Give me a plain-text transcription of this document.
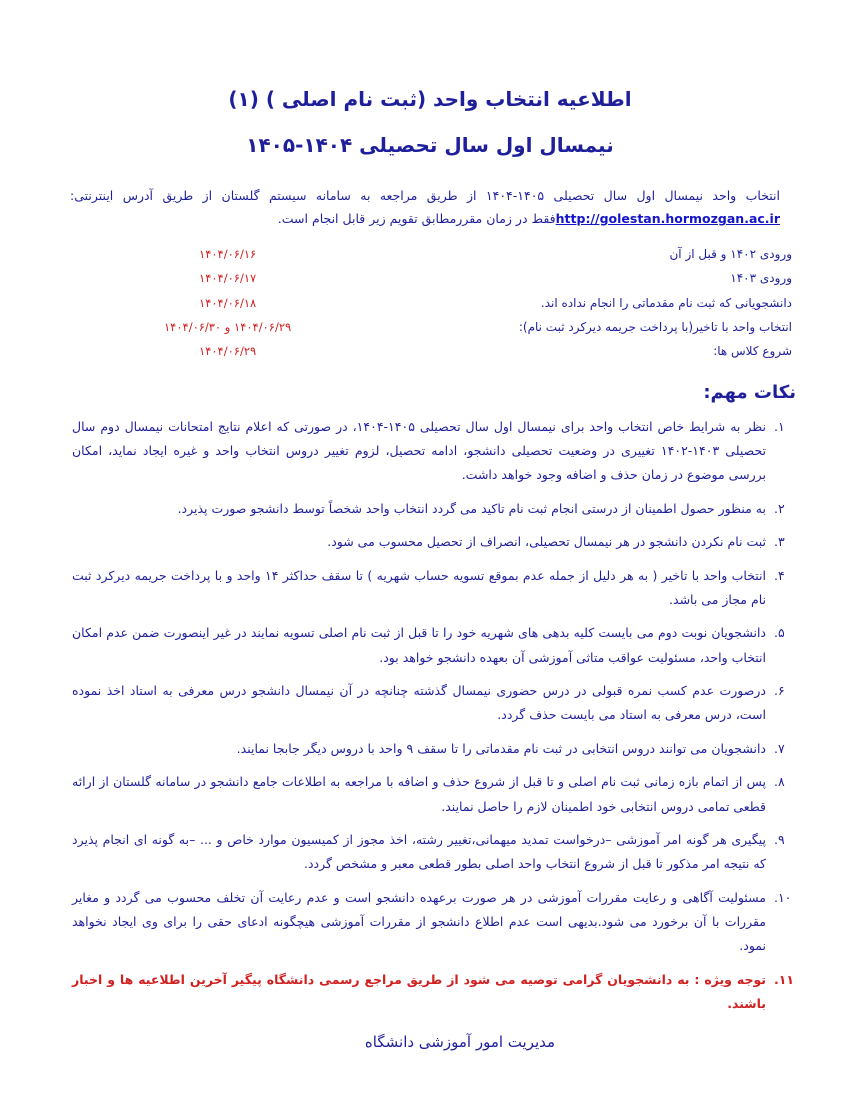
اطلاعیه انتخاب واحد (ثبت نام اصلی ) (۱)
نیمسال اول سال تحصیلی ۱۴۰۴-۱۴۰۵

انتخاب واحد نیمسال اول سال تحصیلی ۱۴۰۵-۱۴۰۴ از طریق مراجعه به سامانه سیستم گلستان از طریق آدرس اینترنتی: http://golestan.hormozgan.ac.irفقط در زمان مقررمطابق تقویم زیر قابل انجام است.

ورودی ۱۴۰۲ و قبل از آن	۱۴۰۴/۰۶/۱۶
ورودی ۱۴۰۳	۱۴۰۴/۰۶/۱۷
دانشجویانی که ثبت نام مقدماتی را انجام نداده اند.	۱۴۰۴/۰۶/۱۸
انتخاب واحد با تاخیر(با پرداخت جریمه دیرکرد ثبت نام):	۱۴۰۴/۰۶/۲۹ و ۱۴۰۴/۰۶/۳۰
شروع کلاس ها:	۱۴۰۴/۰۶/۲۹
نکات مهم:
۱.
نظر به شرایط خاص انتخاب واحد برای نیمسال اول سال تحصیلی ۱۴۰۵-۱۴۰۴، در صورتی که اعلام نتایج امتحانات نیمسال دوم سال تحصیلی ۱۴۰۳-۱۴۰۲ تغییری در وضعیت تحصیلی دانشجو، ادامه تحصیل، لزوم تغییر دروس انتخاب واحد و غیره ایجاد نماید، امکان بررسی موضوع در زمان حذف و اضافه وجود خواهد داشت.
۲.
به منظور حصول اطمینان از درستی انجام ثبت نام تاکید می گردد انتخاب واحد شخصاً توسط دانشجو صورت پذیرد.
۳.
ثبت نام نکردن دانشجو در هر نیمسال تحصیلی، انصراف از تحصیل محسوب می شود.
۴.
انتخاب واحد با تاخیر ( به هر دلیل از جمله عدم بموقع تسویه حساب شهریه ) تا سقف حداکثر ۱۴ واحد و با پرداخت جریمه دیرکرد ثبت نام مجاز می باشد.
۵.
دانشجویان نوبت دوم می بایست کلیه بدهی های شهریه خود را تا قبل از ثبت نام اصلی تسویه نمایند در غیر اینصورت ضمن عدم امکان انتخاب واحد، مسئولیت عواقب متاثی آموزشی آن بعهده دانشجو خواهد بود.
۶.
درصورت عدم کسب نمره قبولی در درس حضوری نیمسال گذشته چنانچه در آن نیمسال دانشجو درس معرفی به استاد اخذ نموده است، درس معرفی به استاد می بایست حذف گردد.
۷.
دانشجویان می توانند دروس انتخابی در ثبت نام مقدماتی را تا سقف ۹ واحد با دروس دیگر جابجا نمایند.
۸.
پس از اتمام بازه زمانی ثبت نام اصلی و تا قبل از شروع حذف و اضافه با مراجعه به اطلاعات جامع دانشجو در سامانه گلستان از ارائه قطعی تمامی دروس انتخابی خود اطمینان لازم را حاصل نمایند.
۹.
پیگیری هر گونه امر آموزشی –درخواست تمدید میهمانی،تغییر رشته، اخذ مجوز از کمیسیون موارد خاص و ... –به گونه ای انجام پذیرد که نتیجه امر مذکور تا قبل از شروع انتخاب واحد اصلی بطور قطعی معبر و مشخص گردد.
۱۰.
مسئولیت آگاهی و رعایت مقررات آموزشی در هر صورت برعهده دانشجو است و عدم رعایت آن تخلف محسوب می گردد و مغایر مقررات با آن برخورد می شود.بدیهی است عدم اطلاع دانشجو از مقررات آموزشی هیچگونه ادعای حقی را برای وی ایجاد نخواهد نمود.
۱۱.
توجه ویژه : به دانشجویان گرامی توصیه می شود از طریق مراجع رسمی دانشگاه پیگیر آخرین اطلاعیه ها و اخبار باشند.
مدیریت امور آموزشی دانشگاه
